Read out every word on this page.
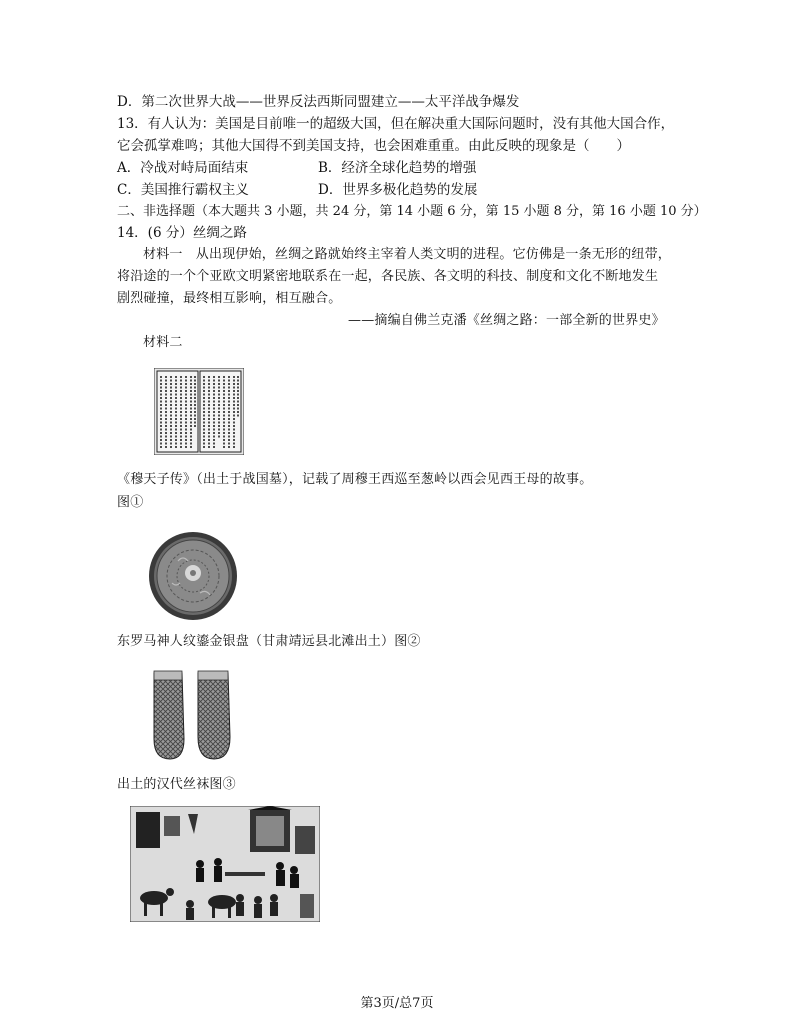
D．第二次世界大战——世界反法西斯同盟建立——太平洋战争爆发
13．有人认为：美国是目前唯一的超级大国，但在解决重大国际问题时，没有其他大国合作，
它会孤掌难鸣；其他大国得不到美国支持，也会困难重重。由此反映的现象是（　　）
A．冷战对峙局面结束	B．经济全球化趋势的增强
C．美国推行霸权主义	D．世界多极化趋势的发展
二、非选择题（本大题共 3 小题，共 24 分，第 14 小题 6 分，第 15 小题 8 分，第 16 小题 10 分）
14．(6 分）丝绸之路
材料一　从出现伊始，丝绸之路就始终主宰着人类文明的进程。它仿佛是一条无形的纽带，
将沿途的一个个亚欧文明紧密地联系在一起，各民族、各文明的科技、制度和文化不断地发生
剧烈碰撞，最终相互影响，相互融合。
——摘编自佛兰克潘《丝绸之路：一部全新的世界史》
材料二
《穆天子传》（出土于战国墓），记载了周穆王西巡至葱岭以西会见西王母的故事。
图①
东罗马神人纹鎏金银盘（甘肃靖远县北滩出土）图②
出土的汉代丝袜图③
第3页/总7页
